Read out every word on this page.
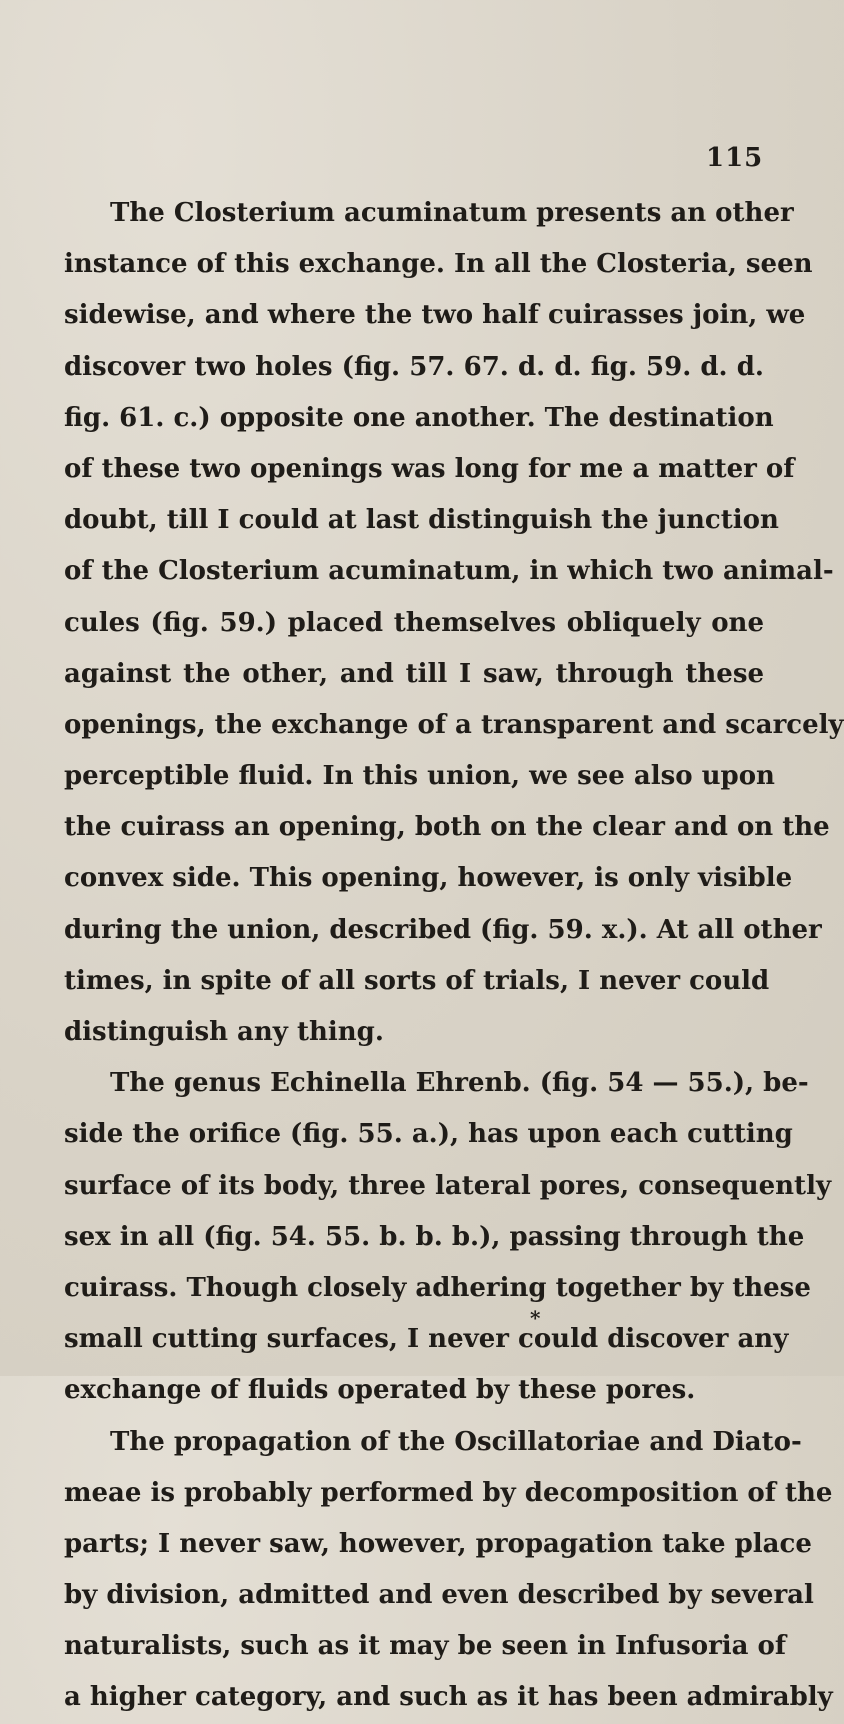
115

The Closterium acuminatum presents an other
instance of this exchange. In all the Closteria, seen
sidewise, and where the two half cuirasses join, we
discover two holes (fig. 57. 67. d. d. fig. 59. d. d.
fig. 61. c.) opposite one another. The destination
of these two openings was long for me a matter of
doubt, till I could at last distinguish the junction
of the Closterium acuminatum, in which two animal-
cules (fig. 59.) placed themselves obliquely one
against the other, and till I saw, through these
openings, the exchange of a transparent and scarcely
perceptible fluid. In this union, we see also upon
the cuirass an opening, both on the clear and on the
convex side. This opening, however, is only visible
during the union, described (fig. 59. x.). At all other
times, in spite of all sorts of trials, I never could
distinguish any thing.
The genus Echinella Ehrenb. (fig. 54 — 55.), be-
side the orifice (fig. 55. a.), has upon each cutting
surface of its body, three lateral pores, consequently
sex in all (fig. 54. 55. b. b. b.), passing through the
cuirass. Though closely adhering together by these
small cutting surfaces, I never could discover any
exchange of fluids operated by these pores.
The propagation of the Oscillatoriae and Diato-
meae is probably performed by decomposition of the
parts; I never saw, however, propagation take place
by division, admitted and even described by several
naturalists, such as it may be seen in Infusoria of
a higher category, and such as it has been admirably

*
